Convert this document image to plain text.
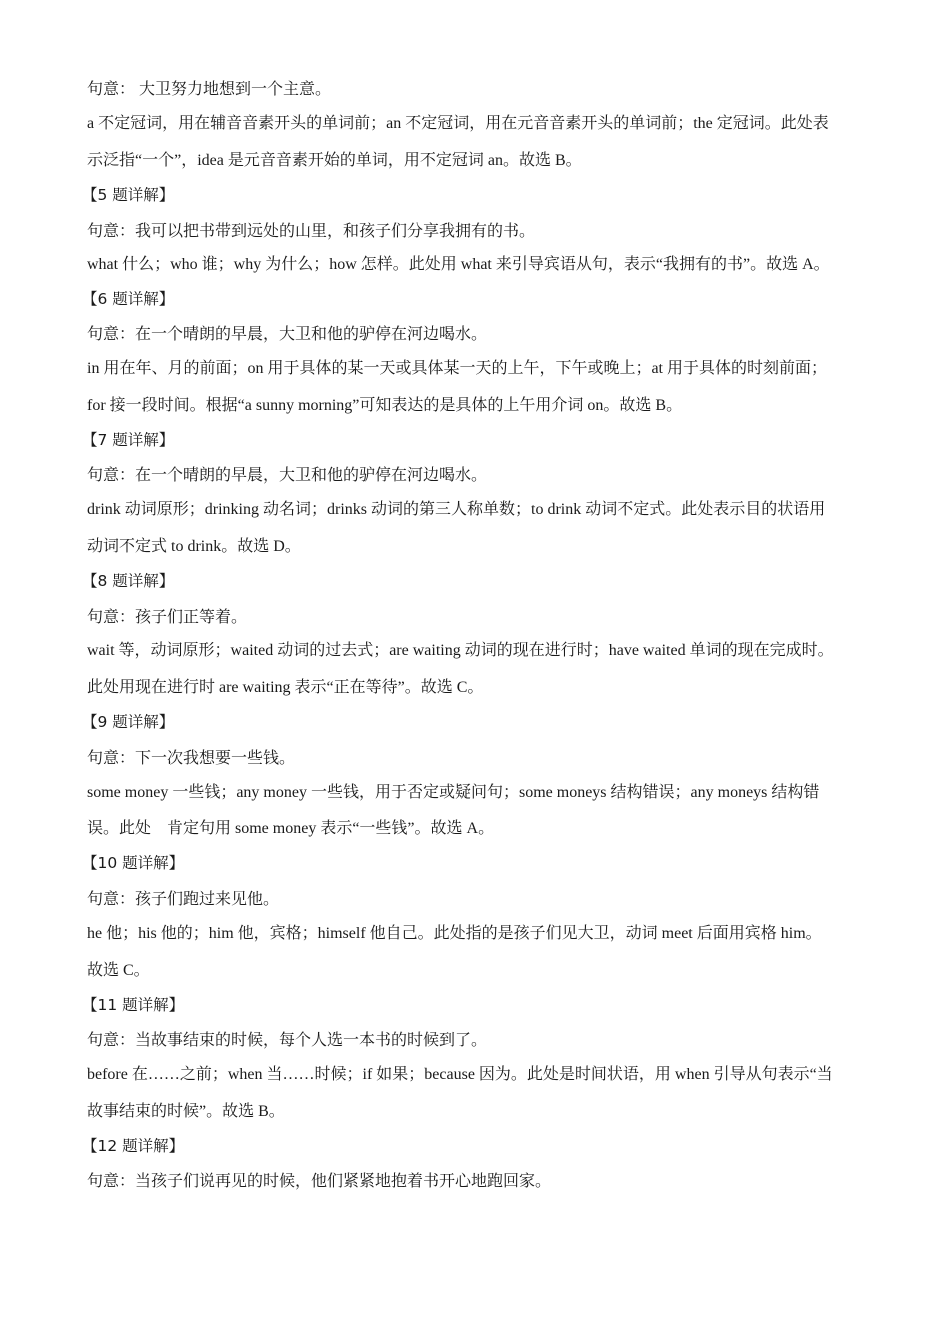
句意： 大卫努力地想到一个主意。
a 不定冠词，用在辅音音素开头的单词前；an 不定冠词，用在元音音素开头的单词前；the 定冠词。此处表
示泛指“一个”，idea 是元音音素开始的单词，用不定冠词 an。故选 B。
【5 题详解】
句意：我可以把书带到远处的山里，和孩子们分享我拥有的书。
what 什么；who 谁；why 为什么；how 怎样。此处用 what 来引导宾语从句，表示“我拥有的书”。故选 A。
【6 题详解】
句意：在一个晴朗的早晨，大卫和他的驴停在河边喝水。
in 用在年、月的前面；on 用于具体的某一天或具体某一天的上午，下午或晚上；at 用于具体的时刻前面；
for 接一段时间。根据“a sunny morning”可知表达的是具体的上午用介词 on。故选 B。
【7 题详解】
句意：在一个晴朗的早晨，大卫和他的驴停在河边喝水。
drink 动词原形；drinking 动名词；drinks 动词的第三人称单数；to drink 动词不定式。此处表示目的状语用
动词不定式 to drink。故选 D。
【8 题详解】
句意：孩子们正等着。
wait 等，动词原形；waited 动词的过去式；are waiting 动词的现在进行时；have waited 单词的现在完成时。
此处用现在进行时 are waiting 表示“正在等待”。故选 C。
【9 题详解】
句意：下一次我想要一些钱。
some money 一些钱；any money 一些钱，用于否定或疑问句；some moneys 结构错误；any moneys 结构错
误。此处　肯定句用 some money 表示“一些钱”。故选 A。
【10 题详解】
句意：孩子们跑过来见他。
he 他；his 他的；him 他，宾格；himself 他自己。此处指的是孩子们见大卫，动词 meet 后面用宾格 him。
故选 C。
【11 题详解】
句意：当故事结束的时候，每个人选一本书的时候到了。
before 在……之前；when 当……时候；if 如果；because 因为。此处是时间状语，用 when 引导从句表示“当
故事结束的时候”。故选 B。
【12 题详解】
句意：当孩子们说再见的时候，他们紧紧地抱着书开心地跑回家。
